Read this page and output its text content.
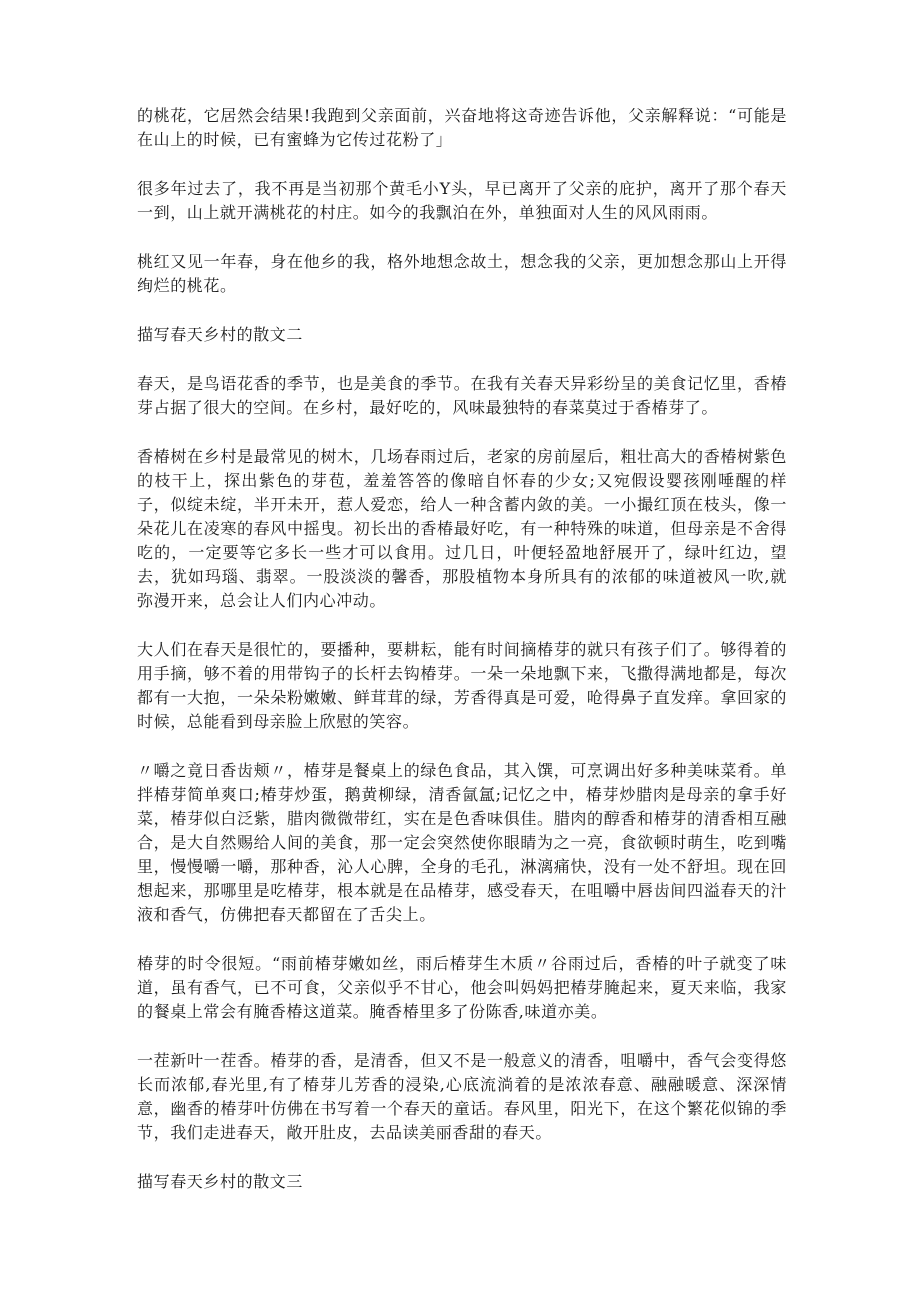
的桃花，它居然会结果!我跑到父亲面前，兴奋地将这奇迹告诉他，父亲解释说：“可能是在山上的时候，已有蜜蜂为它传过花粉了」

很多年过去了，我不再是当初那个黄毛小Y头，早已离开了父亲的庇护，离开了那个春天一到，山上就开满桃花的村庄。如今的我飘泊在外，单独面对人生的风风雨雨。

桃红又见一年春，身在他乡的我，格外地想念故土，想念我的父亲，更加想念那山上开得绚烂的桃花。

描写春天乡村的散文二

春天，是鸟语花香的季节，也是美食的季节。在我有关春天异彩纷呈的美食记忆里，香椿芽占据了很大的空间。在乡村，最好吃的，风味最独特的春菜莫过于香椿芽了。

香椿树在乡村是最常见的树木，几场春雨过后，老家的房前屋后，粗壮高大的香椿树紫色的枝干上，探出紫色的芽苞，羞羞答答的像暗自怀春的少女;又宛假设婴孩刚唾醒的样子，似绽未绽，半开未开，惹人爱恋，给人一种含蓄内敛的美。一小撮红顶在枝头，像一朵花儿在凌寒的春风中摇曳。初长出的香椿最好吃，有一种特殊的味道，但母亲是不舍得吃的，一定要等它多长一些才可以食用。过几日，叶便轻盈地舒展开了，绿叶红边，望去，犹如玛瑙、翡翠。一股淡淡的馨香，那股植物本身所具有的浓郁的味道被风一吹,就弥漫开来，总会让人们内心冲动。

大人们在春天是很忙的，要播种，要耕耘，能有时间摘椿芽的就只有孩子们了。够得着的用手摘，够不着的用带钩子的长杆去钩椿芽。一朵一朵地飘下来，飞撒得满地都是，每次都有一大抱，一朵朵粉嫩嫩、鲜茸茸的绿，芳香得真是可爱，呛得鼻子直发痒。拿回家的时候，总能看到母亲脸上欣慰的笑容。

〃嚼之竟日香齿颊〃，椿芽是餐桌上的绿色食品，其入馔，可烹调出好多种美味菜肴。单拌椿芽简单爽口;椿芽炒蛋，鹅黄柳绿，清香氤氲;记忆之中，椿芽炒腊肉是母亲的拿手好菜，椿芽似白泛紫，腊肉微微带红，实在是色香味俱佳。腊肉的醇香和椿芽的清香相互融合，是大自然赐给人间的美食，那一定会突然使你眼睛为之一亮，食欲顿时萌生，吃到嘴里，慢慢嚼一嚼，那种香，沁人心脾，全身的毛孔，淋漓痛快，没有一处不舒坦。现在回想起来，那哪里是吃椿芽，根本就是在品椿芽，感受春天，在咀嚼中唇齿间四溢春天的汁液和香气，仿佛把春天都留在了舌尖上。

椿芽的时令很短。“雨前椿芽嫩如丝，雨后椿芽生木质〃谷雨过后，香椿的叶子就变了味道，虽有香气，已不可食，父亲似乎不甘心，他会叫妈妈把椿芽腌起来，夏天来临，我家的餐桌上常会有腌香椿这道菜。腌香椿里多了份陈香,味道亦美。

一茬新叶一茬香。椿芽的香，是清香，但又不是一般意义的清香，咀嚼中，香气会变得悠长而浓郁,春光里,有了椿芽儿芳香的浸染,心底流淌着的是浓浓春意、融融暖意、深深情意，幽香的椿芽叶仿佛在书写着一个春天的童话。春风里，阳光下，在这个繁花似锦的季节，我们走进春天，敞开肚皮，去品读美丽香甜的春天。

描写春天乡村的散文三
